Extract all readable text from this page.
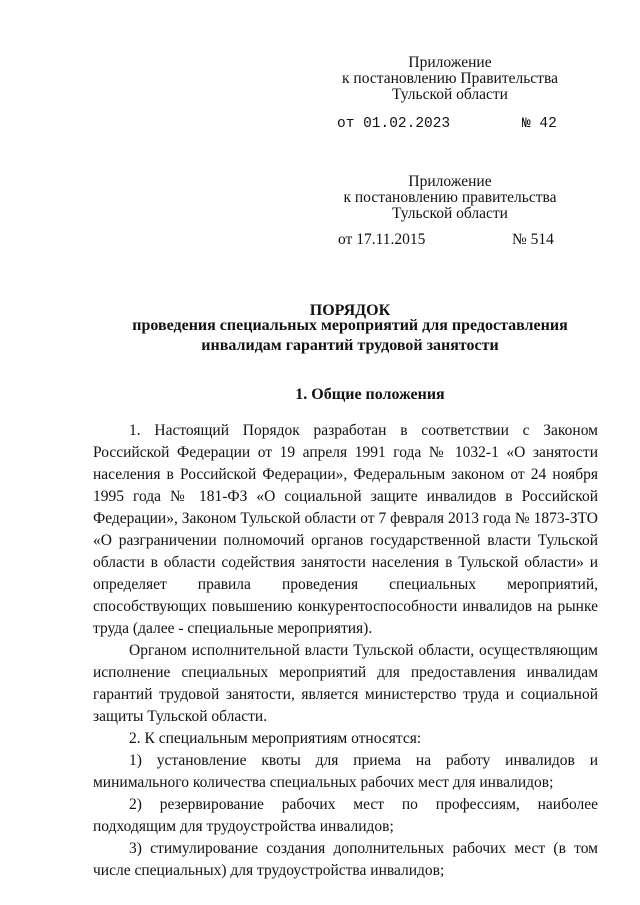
Приложение
к постановлению Правительства
Тульской области
от 01.02.2023	№ 42
Приложение
к постановлению правительства
Тульской области
от 17.11.2015	№ 514
ПОРЯДОК
проведения специальных мероприятий для предоставления
инвалидам гарантий трудовой занятости
1. Общие положения

1. Настоящий Порядок разработан в соответствии с Законом Российской Федерации от 19 апреля 1991 года № 1032-1 «О занятости населения в Российской Федерации», Федеральным законом от 24 ноября 1995 года № 181-ФЗ «О социальной защите инвалидов в Российской Федерации», Законом Тульской области от 7 февраля 2013 года № 1873-ЗТО «О разграничении полномочий органов государственной власти Тульской области в области содействия занятости населения в Тульской области» и определяет правила проведения специальных мероприятий, способствующих повышению конкурентоспособности инвалидов на рынке труда (далее - специальные мероприятия).

Органом исполнительной власти Тульской области, осуществляющим исполнение специальных мероприятий для предоставления инвалидам гарантий трудовой занятости, является министерство труда и социальной защиты Тульской области.

2. К специальным мероприятиям относятся:

1) установление квоты для приема на работу инвалидов и минимального количества специальных рабочих мест для инвалидов;

2) резервирование рабочих мест по профессиям, наиболее подходящим для трудоустройства инвалидов;

3) стимулирование создания дополнительных рабочих мест (в том числе специальных) для трудоустройства инвалидов;
